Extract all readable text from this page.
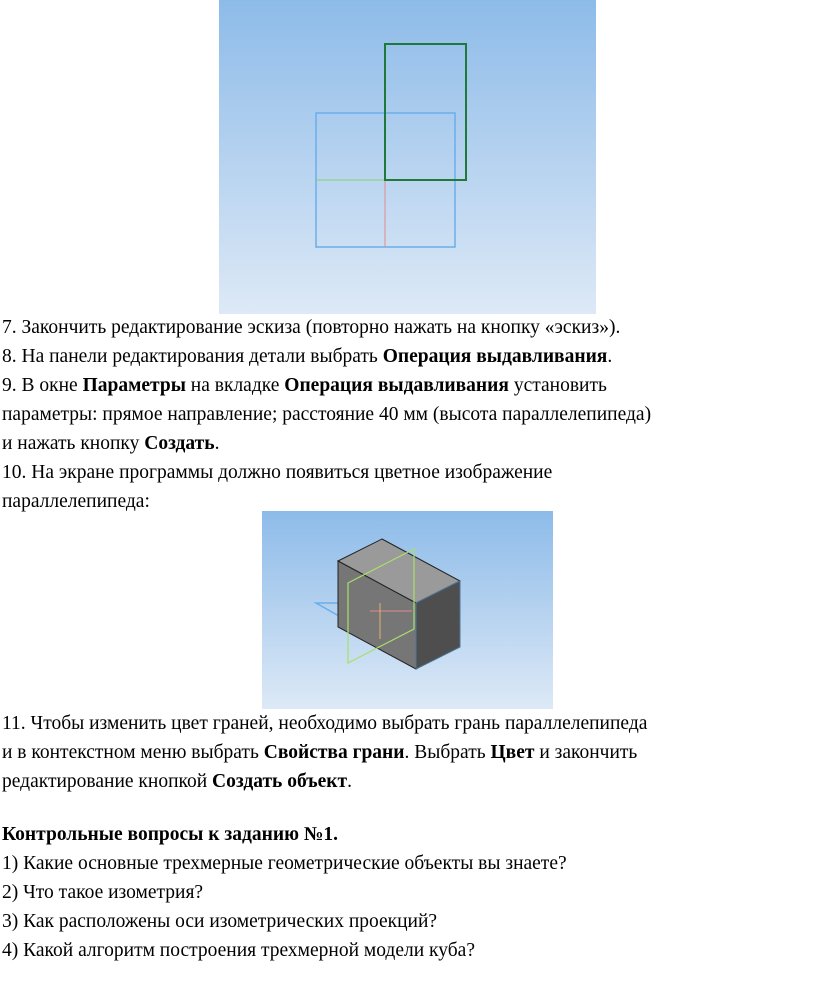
7. Закончить редактирование эскиза (повторно нажать на кнопку «эскиз»).
8. На панели редактирования детали выбрать Операция выдавливания.
9. В окне Параметры на вкладке Операция выдавливания установить
параметры: прямое направление; расстояние 40 мм (высота параллелепипеда)
и нажать кнопку Создать.
10. На экране программы должно появиться цветное изображение
параллелепипеда:

11. Чтобы изменить цвет граней, необходимо выбрать грань параллелепипеда
и в контекстном меню выбрать Свойства грани. Выбрать Цвет и закончить
редактирование кнопкой Создать объект.

Контрольные вопросы к заданию №1.
1) Какие основные трехмерные геометрические объекты вы знаете?
2) Что такое изометрия?
3) Как расположены оси изометрических проекций?
4) Какой алгоритм построения трехмерной модели куба?
